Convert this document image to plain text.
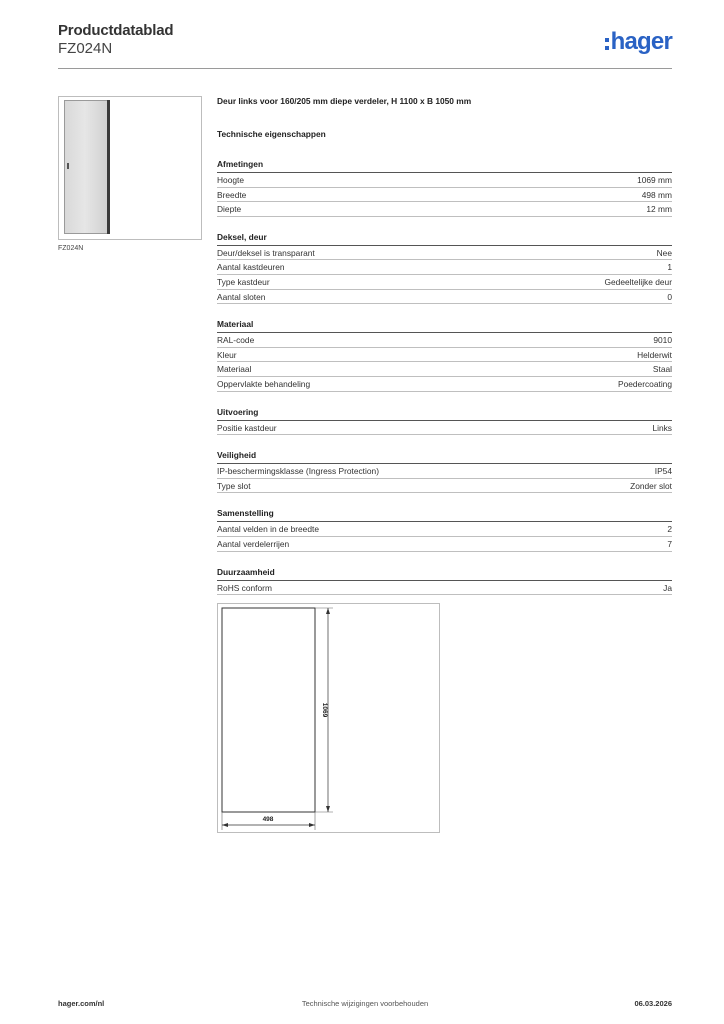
Productdatablad
FZ024N	hager
FZ024N
Deur links voor 160/205 mm diepe verdeler, H 1100 x B 1050 mm
Technische eigenschappen
Afmetingen
Hoogte	1069 mm
Breedte	498 mm
Diepte	12 mm
Deksel, deur
Deur/deksel is transparant	Nee
Aantal kastdeuren	1
Type kastdeur	Gedeeltelijke deur
Aantal sloten	0
Materiaal
RAL-code	9010
Kleur	Helderwit
Materiaal	Staal
Oppervlakte behandeling	Poedercoating
Uitvoering
Positie kastdeur	Links
Veiligheid
IP-beschermingsklasse (Ingress Protection)	IP54
Type slot	Zonder slot
Samenstelling
Aantal velden in de breedte	2
Aantal verdelerrijen	7
Duurzaamheid
RoHS conform	Ja
1069
498
hager.com/nl	Technische wijzigingen voorbehouden	06.03.2026
